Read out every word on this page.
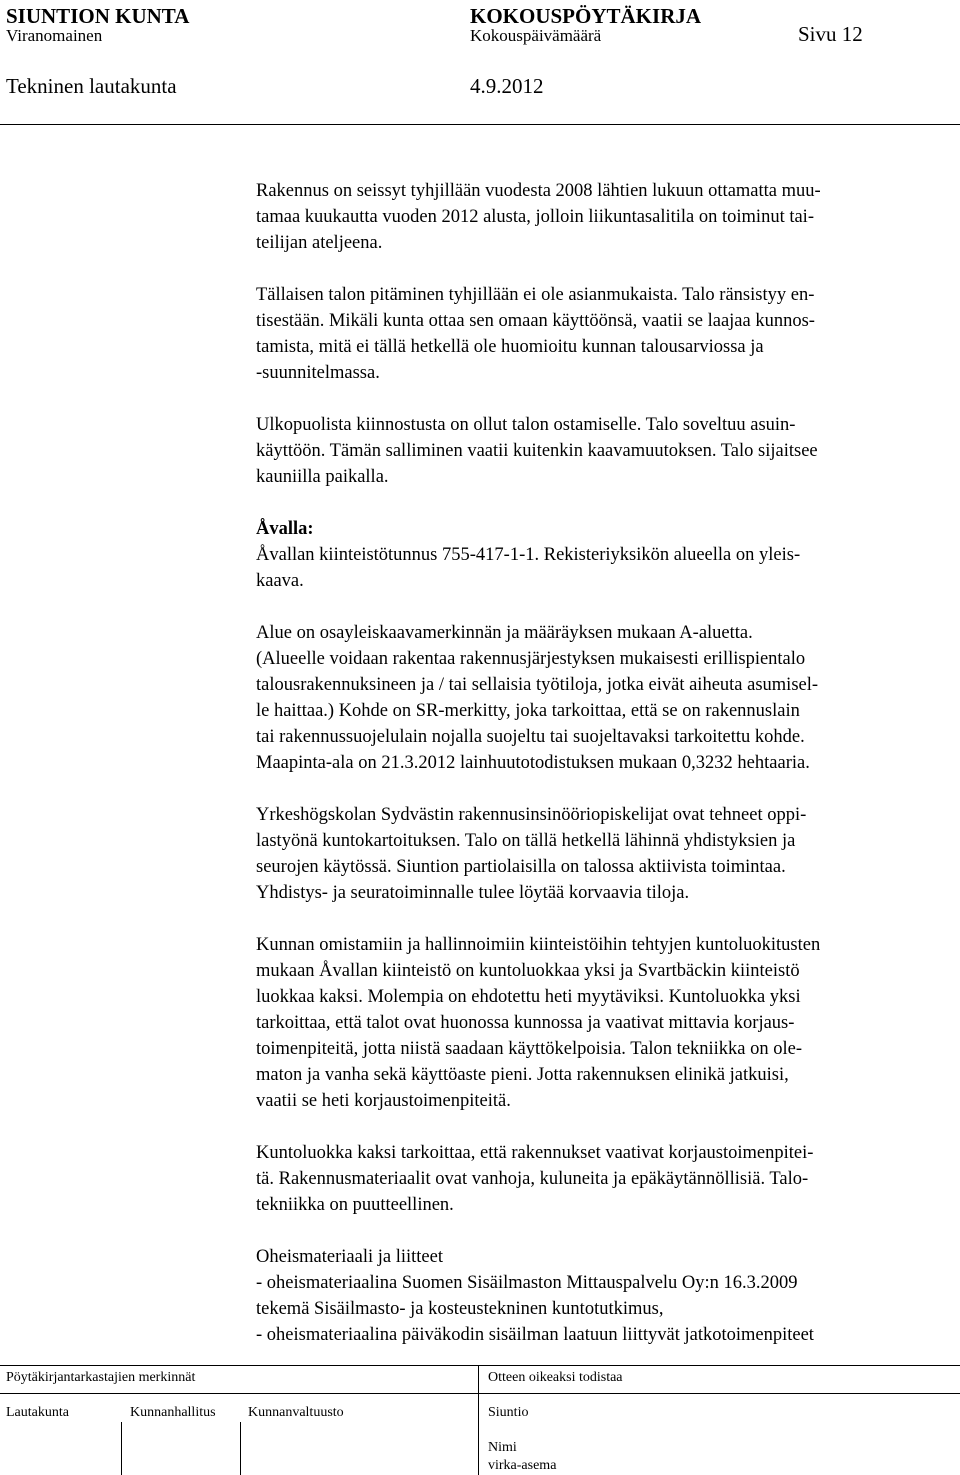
SIUNTION KUNTA	KOKOUSPÖYTÄKIRJA
Viranomainen	Kokouspäivämäärä	Sivu 12
Tekninen lautakunta	4.9.2012
Rakennus on seissyt tyhjillään vuodesta 2008 lähtien lukuun ottamatta muu-
tamaa kuukautta vuoden 2012 alusta, jolloin liikuntasalitila on toiminut tai-
teilijan ateljeena.
Tällaisen talon pitäminen tyhjillään ei ole asianmukaista. Talo ränsistyy en-
tisestään. Mikäli kunta ottaa sen omaan käyttöönsä, vaatii se laajaa kunnos-
tamista, mitä ei tällä hetkellä ole huomioitu kunnan talousarviossa ja
-suunnitelmassa.
Ulkopuolista kiinnostusta on ollut talon ostamiselle. Talo soveltuu asuin-
käyttöön. Tämän salliminen vaatii kuitenkin kaavamuutoksen. Talo sijaitsee
kauniilla paikalla.
Åvalla:
Åvallan kiinteistötunnus 755-417-1-1. Rekisteriyksikön alueella on yleis-
kaava.
Alue on osayleiskaavamerkinnän ja määräyksen mukaan A-aluetta.
(Alueelle voidaan rakentaa rakennusjärjestyksen mukaisesti erillispientalo
talousrakennuksineen ja / tai sellaisia työtiloja, jotka eivät aiheuta asumisel-
le haittaa.) Kohde on SR-merkitty, joka tarkoittaa, että se on rakennuslain
tai rakennussuojelulain nojalla suojeltu tai suojeltavaksi tarkoitettu kohde.
Maapinta-ala on 21.3.2012 lainhuutotodistuksen mukaan 0,3232 hehtaaria.
Yrkeshögskolan Sydvästin rakennusinsinööriopiskelijat ovat tehneet oppi-
lastyönä kuntokartoituksen. Talo on tällä hetkellä lähinnä yhdistyksien ja
seurojen käytössä. Siuntion partiolaisilla on talossa aktiivista toimintaa.
Yhdistys- ja seuratoiminnalle tulee löytää korvaavia tiloja.
Kunnan omistamiin ja hallinnoimiin kiinteistöihin tehtyjen kuntoluokitusten
mukaan Åvallan kiinteistö on kuntoluokkaa yksi ja Svartbäckin kiinteistö
luokkaa kaksi. Molempia on ehdotettu heti myytäviksi. Kuntoluokka yksi
tarkoittaa, että talot ovat huonossa kunnossa ja vaativat mittavia korjaus-
toimenpiteitä, jotta niistä saadaan käyttökelpoisia. Talon tekniikka on ole-
maton ja vanha sekä käyttöaste pieni. Jotta rakennuksen elinikä jatkuisi,
vaatii se heti korjaustoimenpiteitä.
Kuntoluokka kaksi tarkoittaa, että rakennukset vaativat korjaustoimenpitei-
tä. Rakennusmateriaalit ovat vanhoja, kuluneita ja epäkäytännöllisiä. Talo-
tekniikka on puutteellinen.
Oheismateriaali ja liitteet
- oheismateriaalina Suomen Sisäilmaston Mittauspalvelu Oy:n 16.3.2009
tekemä Sisäilmasto- ja kosteustekninen kuntotutkimus,
- oheismateriaalina päiväkodin sisäilman laatuun liittyvät jatkotoimenpiteet
Pöytäkirjantarkastajien merkinnät	Otteen oikeaksi todistaa
Lautakunta	Kunnanhallitus Kunnanvaltuusto	Siuntio
Nimi
virka-asema
